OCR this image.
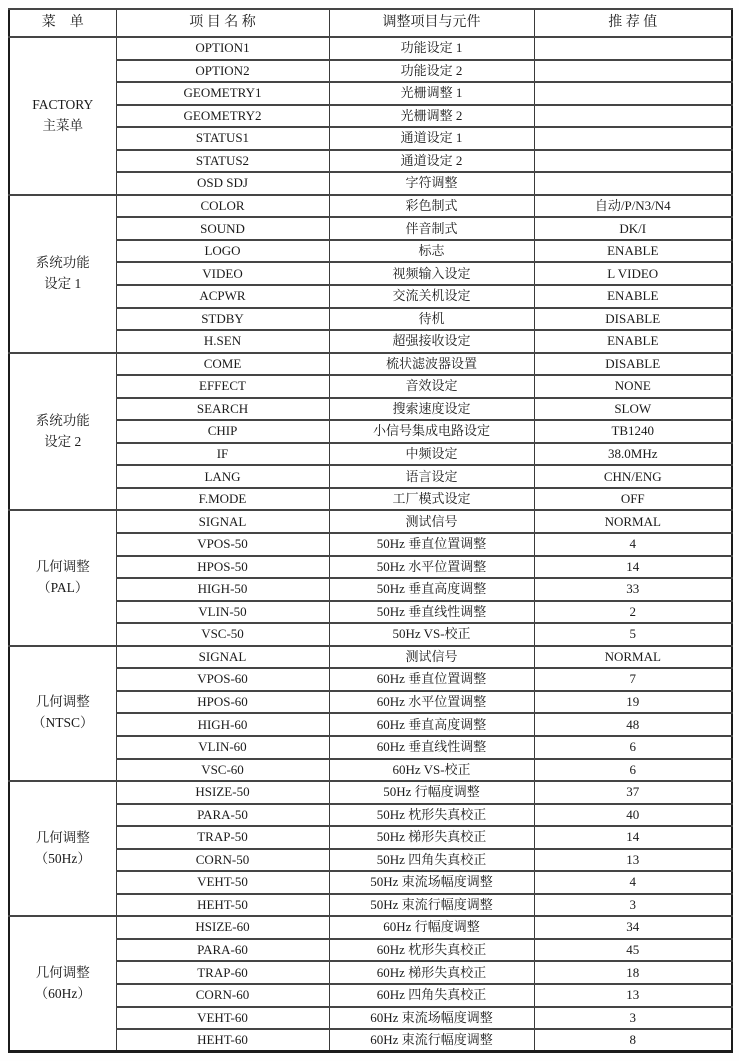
菜　单	项 目 名 称	调整项目与元件	推 荐 值

FACTORY
主菜单	OPTION1	功能设定 1	
	OPTION2	功能设定 2	
	GEOMETRY1	光栅调整 1	
	GEOMETRY2	光栅调整 2	
	STATUS1	通道设定 1	
	STATUS2	通道设定 2	
	OSD SDJ	字符调整	

系统功能
设定 1	COLOR	彩色制式	自动/P/N3/N4
	SOUND	伴音制式	DK/I
	LOGO	标志	ENABLE
	VIDEO	视频输入设定	L VIDEO
	ACPWR	交流关机设定	ENABLE
	STDBY	待机	DISABLE
	H.SEN	超强接收设定	ENABLE

系统功能
设定 2	COME	梳状滤波器设置	DISABLE
	EFFECT	音效设定	NONE
	SEARCH	搜索速度设定	SLOW
	CHIP	小信号集成电路设定	TB1240
	IF	中频设定	38.0MHz
	LANG	语言设定	CHN/ENG
	F.MODE	工厂模式设定	OFF

几何调整
（PAL）	SIGNAL	测试信号	NORMAL
	VPOS-50	50Hz 垂直位置调整	4
	HPOS-50	50Hz 水平位置调整	14
	HIGH-50	50Hz 垂直高度调整	33
	VLIN-50	50Hz 垂直线性调整	2
	VSC-50	50Hz VS-校正	5

几何调整
（NTSC）	SIGNAL	测试信号	NORMAL
	VPOS-60	60Hz 垂直位置调整	7
	HPOS-60	60Hz 水平位置调整	19
	HIGH-60	60Hz 垂直高度调整	48
	VLIN-60	60Hz 垂直线性调整	6
	VSC-60	60Hz VS-校正	6

几何调整
（50Hz）	HSIZE-50	50Hz 行幅度调整	37
	PARA-50	50Hz 枕形失真校正	40
	TRAP-50	50Hz 梯形失真校正	14
	CORN-50	50Hz 四角失真校正	13
	VEHT-50	50Hz 束流场幅度调整	4
	HEHT-50	50Hz 束流行幅度调整	3

几何调整
（60Hz）	HSIZE-60	60Hz 行幅度调整	34
	PARA-60	60Hz 枕形失真校正	45
	TRAP-60	60Hz 梯形失真校正	18
	CORN-60	60Hz 四角失真校正	13
	VEHT-60	60Hz 束流场幅度调整	3
	HEHT-60	60Hz 束流行幅度调整	8
